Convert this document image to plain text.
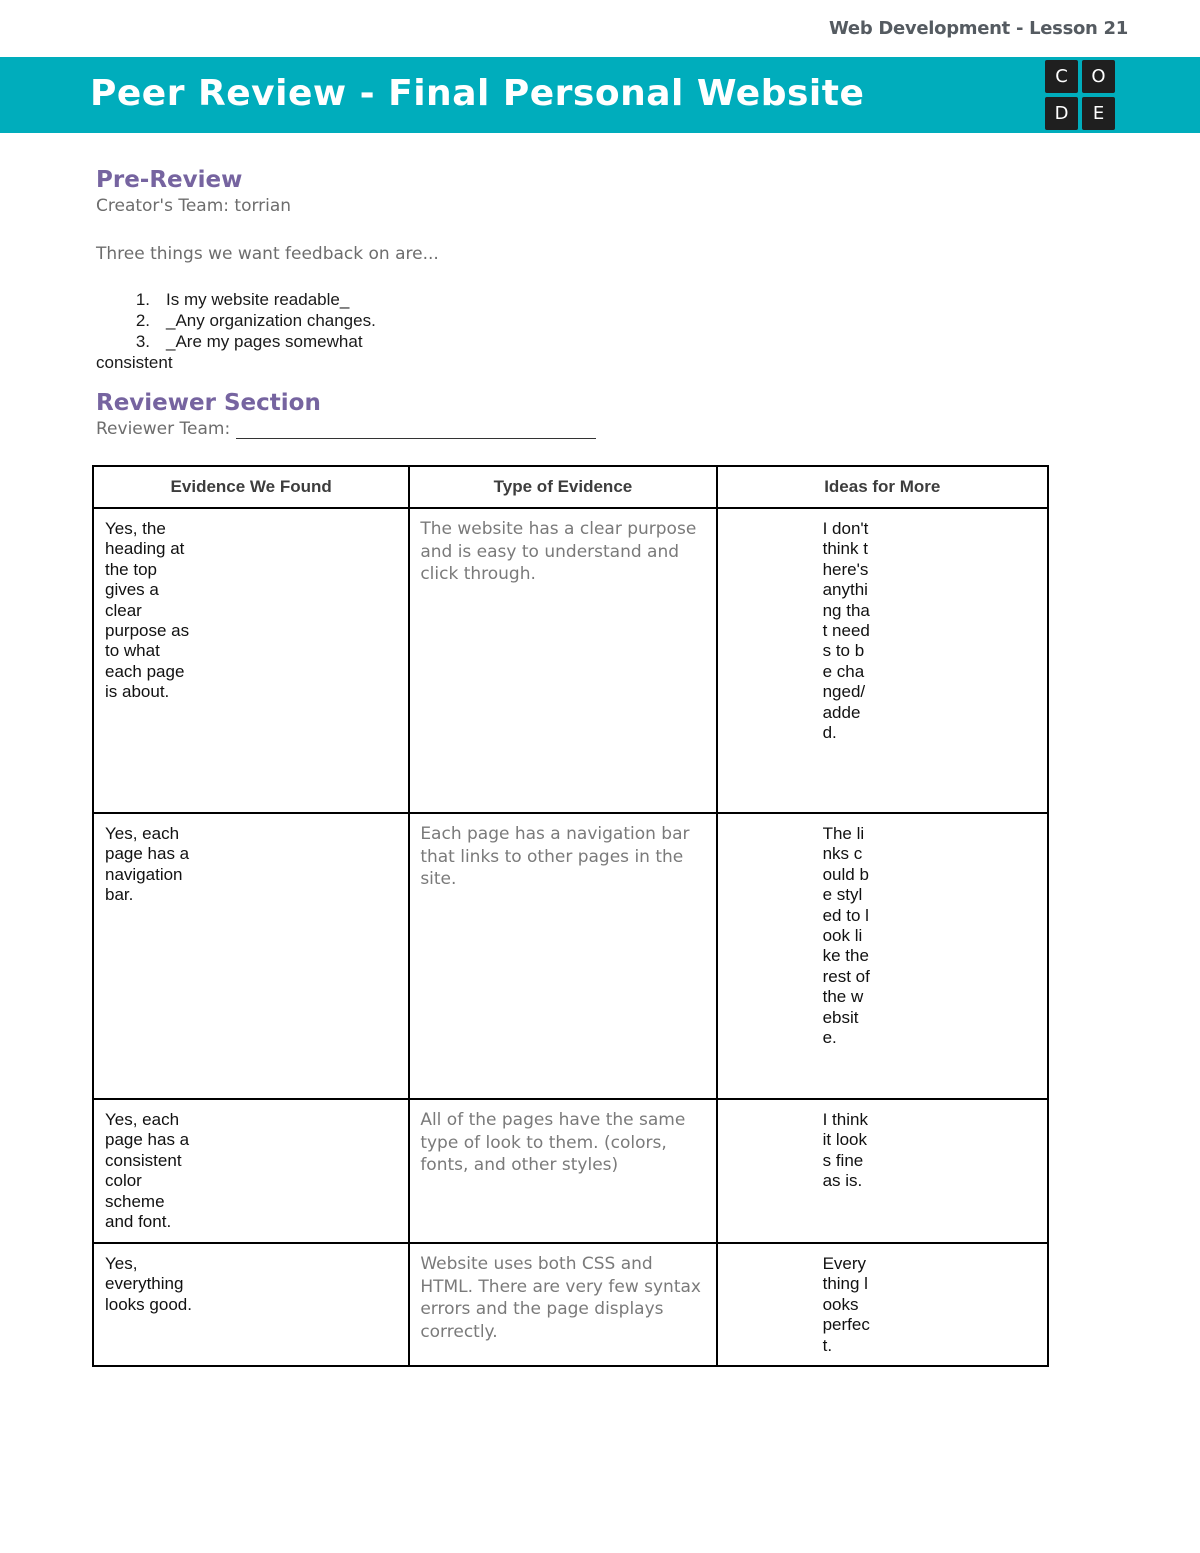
Web Development - Lesson 21
Peer Review - Final Personal Website	C	O
D	E
Pre-Review
Creator's Team: torrian
Three things we want feedback on are...
1. Is my website readable_
2. _Any organization changes.
3. _Are my pages somewhat
consistent
Reviewer Section
Reviewer Team:
Evidence We Found	Type of Evidence	Ideas for More

Yes, the heading at the top gives a clear purpose as to what each page is about.	The website has a clear purpose and is easy to understand and click through.	I don't think there's anything that needs to be changed/added.

Yes, each page has a navigation bar.	Each page has a navigation bar that links to other pages in the site.	The links could be styled to look like the rest of the website.

Yes, each page has a consistent color scheme and font.	All of the pages have the same type of look to them. (colors, fonts, and other styles)	I think it looks fine as is.

Yes, everything looks good.	Website uses both CSS and HTML. There are very few syntax errors and the page displays correctly.	Everything looks perfect.
